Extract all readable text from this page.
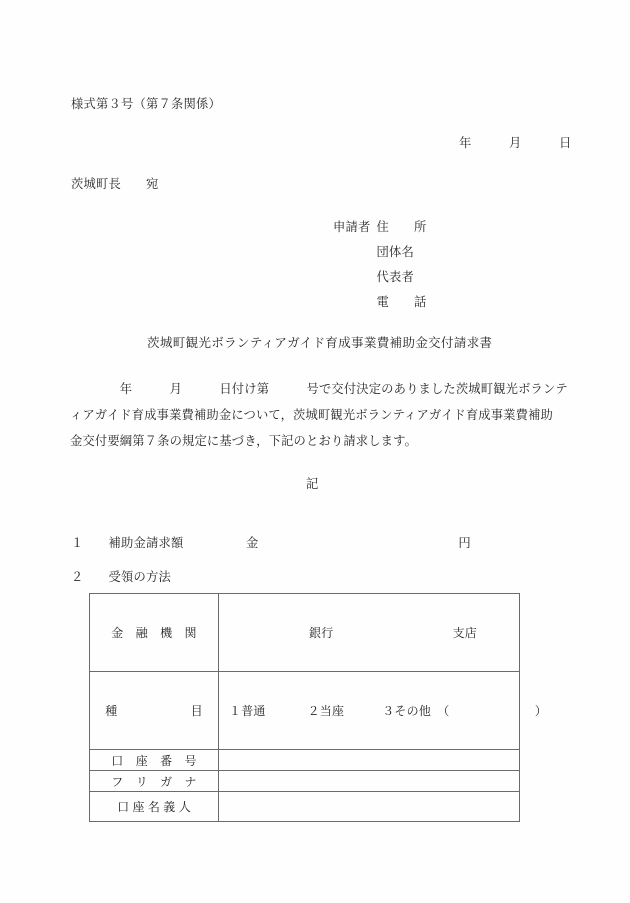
様式第３号（第７条関係）
年　　　月　　　日
茨城町長　　宛
申請者 住　　所
団体名
代表者
電　　話
茨城町観光ボランティアガイド育成事業費補助金交付請求書
　　　　年　　　月　　　日付け第　　　号で交付決定のありました茨城町観光ボランテ
ィアガイド育成事業費補助金について，茨城町観光ボランティアガイド育成事業費補助
金交付要綱第７条の規定に基づき，下記のとおり請求します。
記
１　　補助金請求額　　　　　金　　　　　　　　　　　　　　　　円
２　　受領の方法
金　融　機　関	銀行 支店

種　　　　　　目	１普通 ２当座 ３その他　（　　　　　　　）

口　座　番　号	
フ　リ　ガ　ナ	
口 座 名 義 人	
